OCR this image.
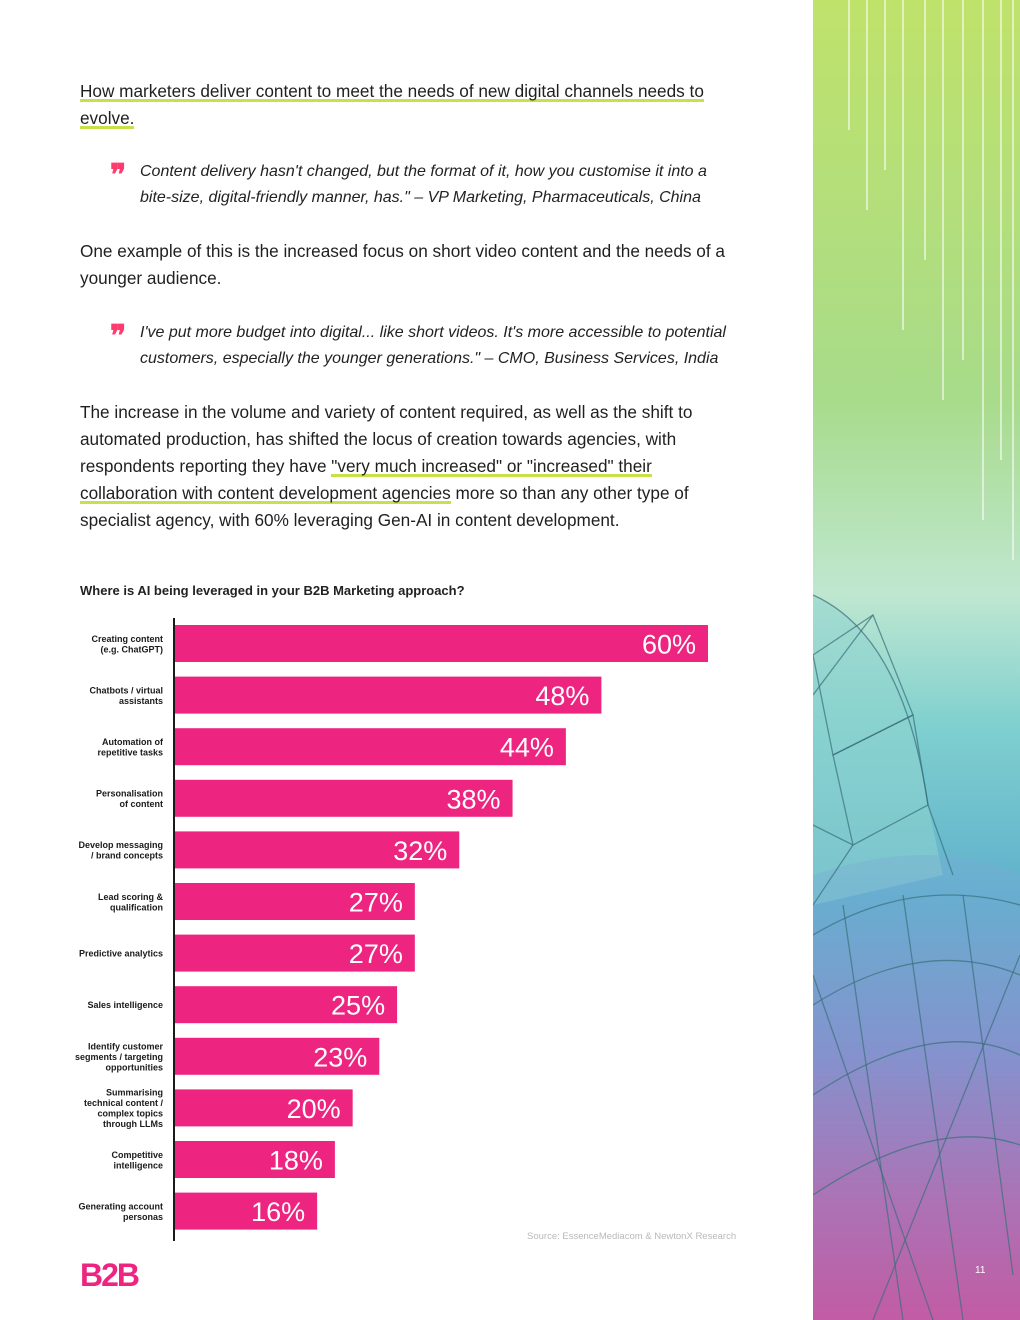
11

How marketers deliver content to meet the needs of new digital channels needs to evolve.

❞ Content delivery hasn't changed, but the format of it, how you customise it into a bite-size, digital-friendly manner, has." – VP Marketing, Pharmaceuticals, China

One example of this is the increased focus on short video content and the needs of a younger audience.

❞ I've put more budget into digital... like short videos. It's more accessible to potential customers, especially the younger generations." – CMO, Business Services, India

The increase in the volume and variety of content required, as well as the shift to automated production, has shifted the locus of creation towards agencies, with respondents reporting they have "very much increased" or "increased" their collaboration with content development agencies more so than any other type of specialist agency, with 60% leveraging Gen-AI in content development.

Where is AI being leveraged in your B2B Marketing approach?
60%
Creating content (e.g. ChatGPT)
48%
Chatbots / virtual assistants
44%
Automation of repetitive tasks
38%
Personalisation of content
32%
Develop messaging / brand concepts
27%
Lead scoring & qualification
27%
Predictive analytics
25%
Sales intelligence
23%
Identify customer segments / targeting opportunities
20%
Summarising technical content / complex topics through LLMs
18%
Competitive intelligence
16%
Generating account personas
Source: EssenceMediacom & NewtonX Research
B2B
